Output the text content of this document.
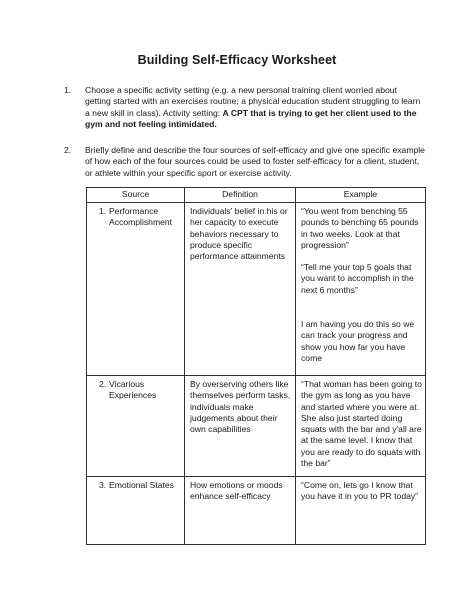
Building Self-Efficacy Worksheet
1. Choose a specific activity setting (e.g. a new personal training client worried about getting started with an exercises routine; a physical education student struggling to learn a new skill in class). Activity setting: A CPT that is trying to get her client used to the gym and not feeling intimidated.
2. Briefly define and describe the four sources of self-efficacy and give one specific example of how each of the four sources could be used to foster self-efficacy for a client, student, or athlete within your specific sport or exercise activity.
Source	Definition	Example

1. Performance Accomplishment	Individuals' belief in his or her capacity to execute behaviors necessary to produce specific performance attainments	“You went from benching 55 pounds to benching 65 pounds in two weeks. Look at that progression”
“Tell me your top 5 goals that you want to accomplish in the next 6 months”
I am having you do this so we can track your progress and show you how far you have come

2. Vicarious Experiences	By overserving others like themselves perform tasks, individuals make judgements about their own capabilities	“That woman has been going to the gym as long as you have and started where you were at. She also just started doing squats with the bar and y'all are at the same level. I know that you are ready to do squats with the bar”

3. Emotional States	How emotions or moods enhance self-efficacy	“Come on, lets go I know that you have it in you to PR today”
